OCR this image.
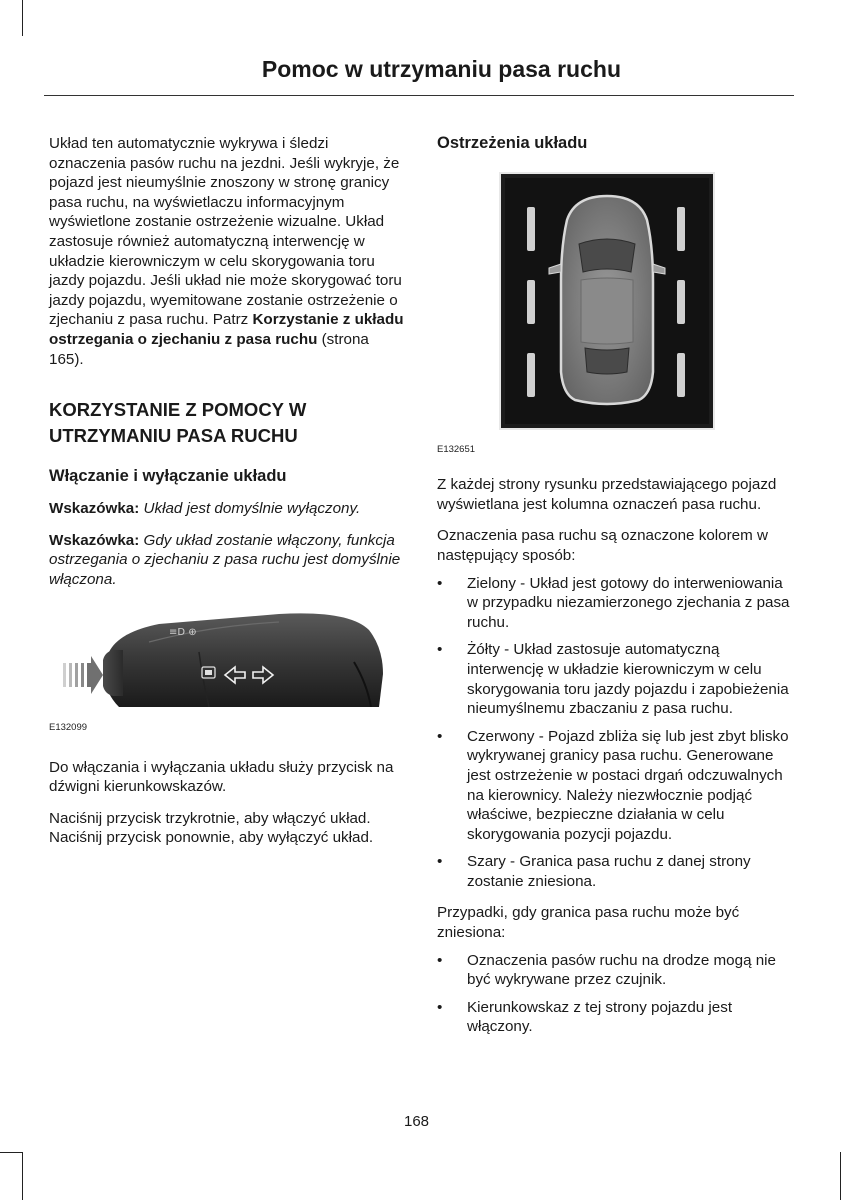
Pomoc w utrzymaniu pasa ruchu

Układ ten automatycznie wykrywa i śledzi oznaczenia pasów ruchu na jezdni. Jeśli wykryje, że pojazd jest nieumyślnie znoszony w stronę granicy pasa ruchu, na wyświetlaczu informacyjnym wyświetlone zostanie ostrzeżenie wizualne. Układ zastosuje również automatyczną interwencję w układzie kierowniczym w celu skorygowania toru jazdy pojazdu. Jeśli układ nie może skorygować toru jazdy pojazdu, wyemitowane zostanie ostrzeżenie o zjechaniu z pasa ruchu. Patrz Korzystanie z układu ostrzegania o zjechaniu z pasa ruchu (strona 165).

KORZYSTANIE Z POMOCY W UTRZYMANIU PASA RUCHU
Włączanie i wyłączanie układu

Wskazówka: Układ jest domyślnie wyłączony.

Wskazówka: Gdy układ zostanie włączony, funkcja ostrzegania o zjechaniu z pasa ruchu jest domyślnie włączona.

≡D ⊕
E132099

Do włączania i wyłączania układu służy przycisk na dźwigni kierunkowskazów.

Naciśnij przycisk trzykrotnie, aby włączyć układ. Naciśnij przycisk ponownie, aby wyłączyć układ.

Ostrzeżenia układu
E132651

Z każdej strony rysunku przedstawiającego pojazd wyświetlana jest kolumna oznaczeń pasa ruchu.

Oznaczenia pasa ruchu są oznaczone kolorem w następujący sposób:

• Zielony - Układ jest gotowy do interweniowania w przypadku niezamierzonego zjechania z pasa ruchu.
• Żółty - Układ zastosuje automatyczną interwencję w układzie kierowniczym w celu skorygowania toru jazdy pojazdu i zapobieżenia nieumyślnemu zbaczaniu z pasa ruchu.
• Czerwony - Pojazd zbliża się lub jest zbyt blisko wykrywanej granicy pasa ruchu. Generowane jest ostrzeżenie w postaci drgań odczuwalnych na kierownicy. Należy niezwłocznie podjąć właściwe, bezpieczne działania w celu skorygowania pozycji pojazdu.
• Szary - Granica pasa ruchu z danej strony zostanie zniesiona.

Przypadki, gdy granica pasa ruchu może być zniesiona:

• Oznaczenia pasów ruchu na drodze mogą nie być wykrywane przez czujnik.
• Kierunkowskaz z tej strony pojazdu jest włączony.
168
